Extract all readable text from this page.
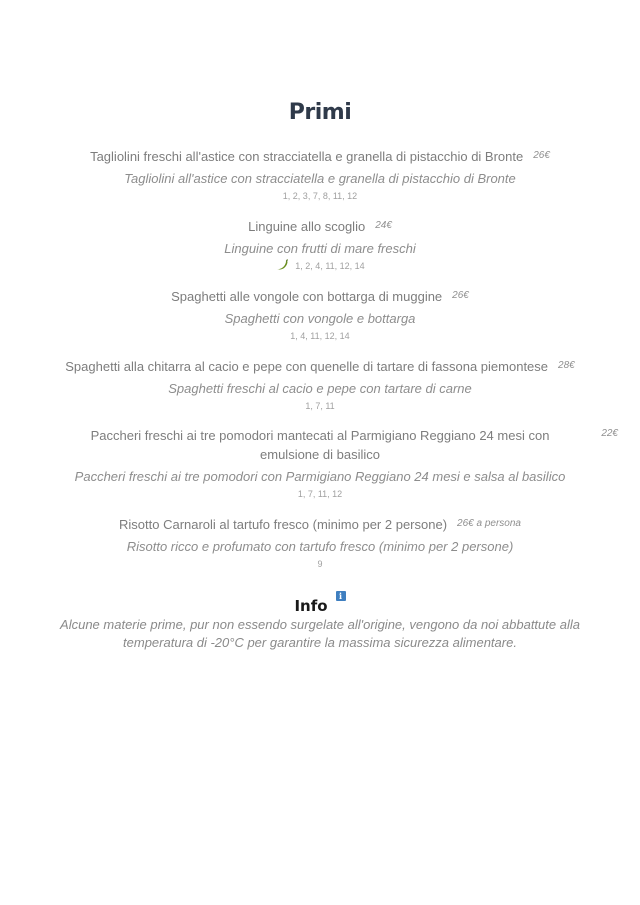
Primi
Tagliolini freschi all'astice con stracciatella e granella di pistacchio di Bronte $^{26€}$
Tagliolini all'astice con stracciatella e granella di pistacchio di Bronte
1, 2, 3, 7, 8, 11, 12
Linguine allo scoglio $^{24€}$
Linguine con frutti di mare freschi
1, 2, 4, 11, 12, 14
Spaghetti alle vongole con bottarga di muggine $^{26€}$
Spaghetti con vongole e bottarga
1, 4, 11, 12, 14
Spaghetti alla chitarra al cacio e pepe con quenelle di tartare di fassona piemontese $^{28€}$
Spaghetti freschi al cacio e pepe con tartare di carne
1, 7, 11
Paccheri freschi ai tre pomodori mantecati al Parmigiano Reggiano 24 mesi con emulsione di basilico
22€
Paccheri freschi ai tre pomodori con Parmigiano Reggiano 24 mesi e salsa al basilico
1, 7, 11, 12
Risotto Carnaroli al tartufo fresco (minimo per 2 persone) $^{26€ a persona}$
Risotto ricco e profumato con tartufo fresco (minimo per 2 persone)
9
Infoi
Alcune materie prime, pur non essendo surgelate all'origine, vengono da noi abbattute alla temperatura di -20°C per garantire la massima sicurezza alimentare.
